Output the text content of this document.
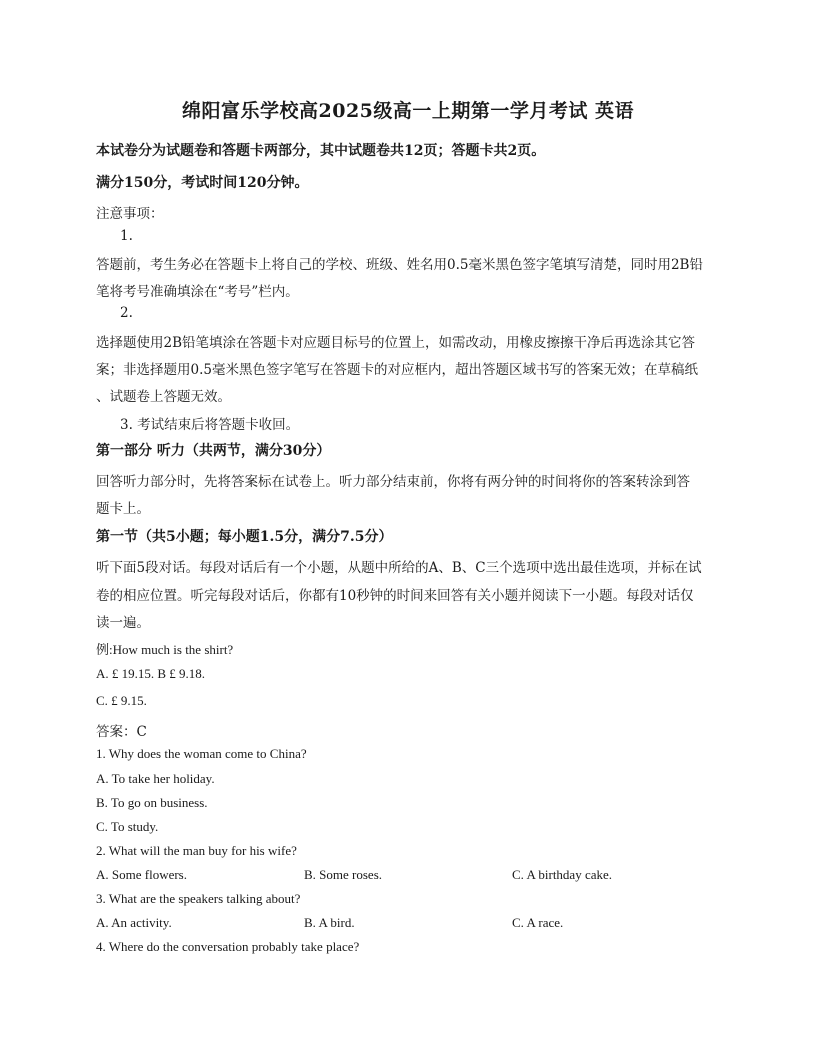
绵阳富乐学校高2025级高一上期第一学月考试 英语
本试卷分为试题卷和答题卡两部分，其中试题卷共12页；答题卡共2页。
满分150分，考试时间120分钟。
注意事项：
1.
答题前，考生务必在答题卡上将自己的学校、班级、姓名用0.5毫米黑色签字笔填写清楚，同时用2B铅
笔将考号准确填涂在“考号”栏内。
2.
选择题使用2B铅笔填涂在答题卡对应题目标号的位置上，如需改动，用橡皮擦擦干净后再选涂其它答
案；非选择题用0.5毫米黑色签字笔写在答题卡的对应框内，超出答题区域书写的答案无效；在草稿纸
、试题卷上答题无效。
3. 考试结束后将答题卡收回。
第一部分 听力（共两节，满分30分）
回答听力部分时，先将答案标在试卷上。听力部分结束前，你将有两分钟的时间将你的答案转涂到答
题卡上。
第一节（共5小题；每小题1.5分，满分7.5分）
听下面5段对话。每段对话后有一个小题，从题中所给的A、B、C三个选项中选出最佳选项，并标在试
卷的相应位置。听完每段对话后，你都有10秒钟的时间来回答有关小题并阅读下一小题。每段对话仅
读一遍。
例:How much is the shirt?
A. £ 19.15. B £ 9.18.
C. £ 9.15.
答案：C
1. Why does the woman come to China?
A. To take her holiday.
B. To go on business.
C. To study.
2. What will the man buy for his wife?
A. Some flowers.	B. Some roses.	C. A birthday cake.
3. What are the speakers talking about?
A. An activity.	B. A bird.	C. A race.
4. Where do the conversation probably take place?
